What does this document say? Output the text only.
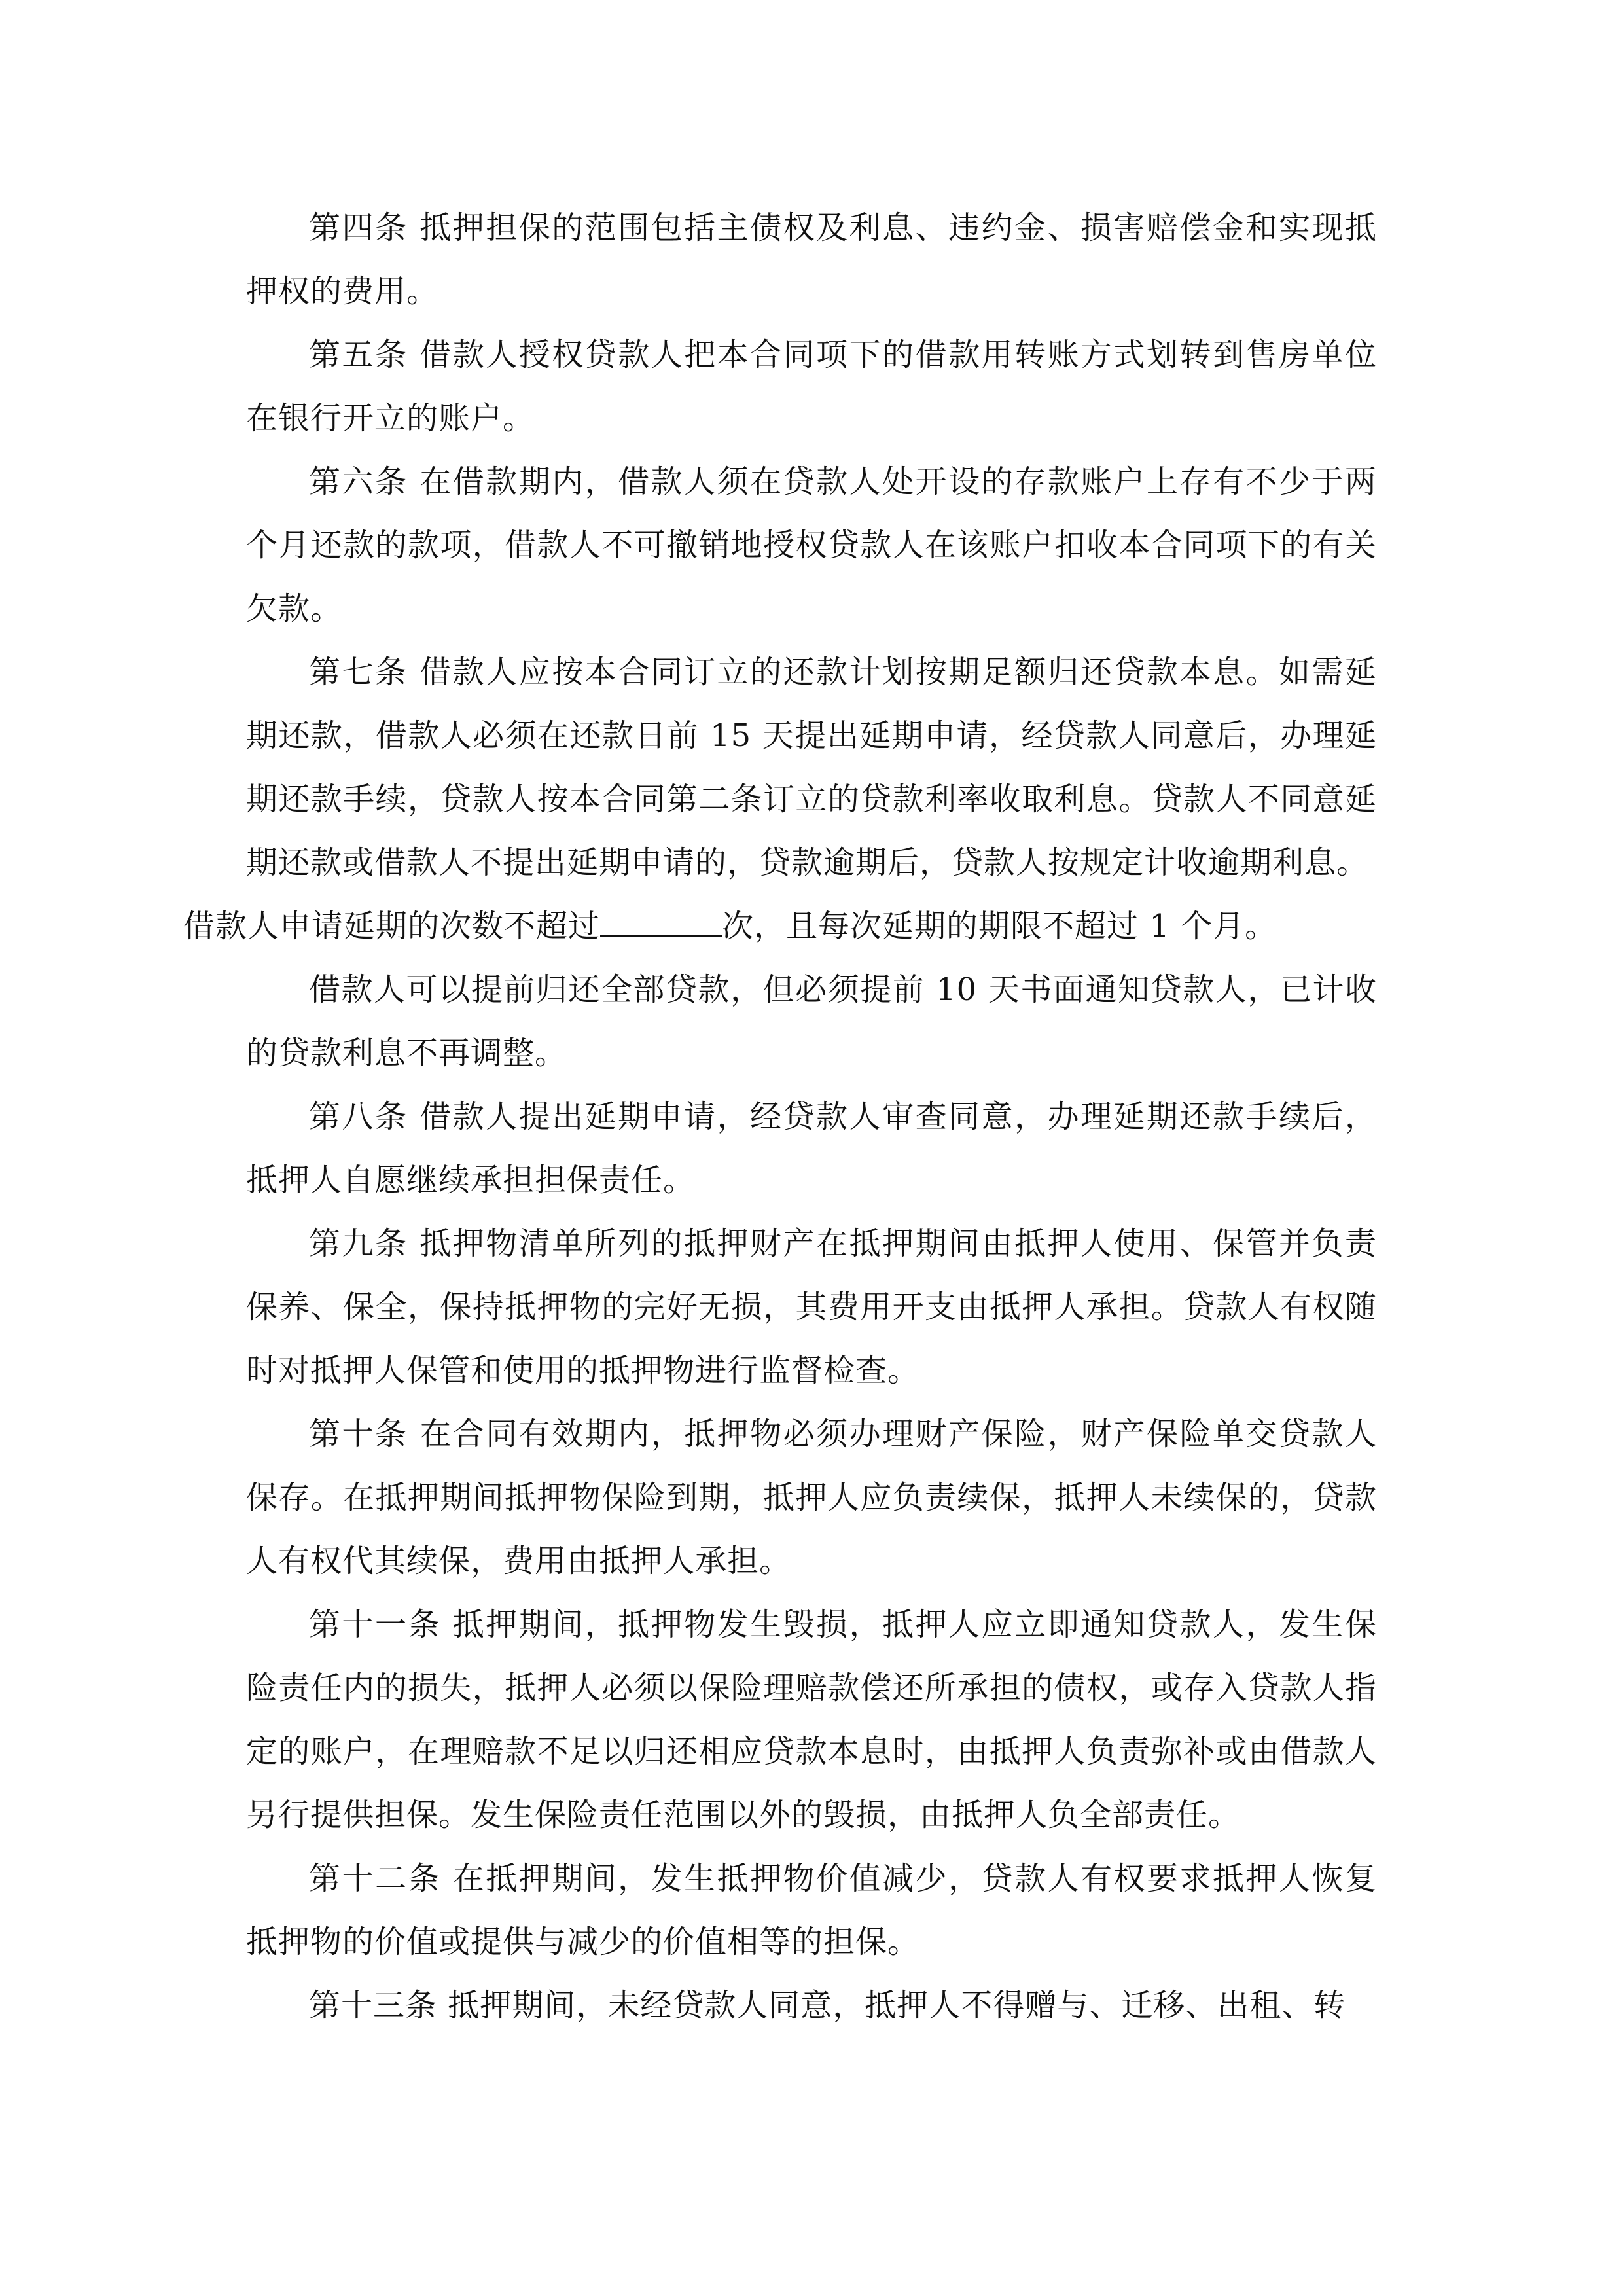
第四条 抵押担保的范围包括主债权及利息、违约金、损害赔偿金和实现抵押权的费用。

第五条 借款人授权贷款人把本合同项下的借款用转账方式划转到售房单位在银行开立的账户。

第六条 在借款期内，借款人须在贷款人处开设的存款账户上存有不少于两个月还款的款项，借款人不可撤销地授权贷款人在该账户扣收本合同项下的有关欠款。

第七条 借款人应按本合同订立的还款计划按期足额归还贷款本息。如需延期还款，借款人必须在还款日前 15 天提出延期申请，经贷款人同意后，办理延期还款手续，贷款人按本合同第二条订立的贷款利率收取利息。贷款人不同意延期还款或借款人不提出延期申请的，贷款逾期后，贷款人按规定计收逾期利息。
借款人申请延期的次数不超过	次，且每次延期的期限不超过 1 个月。

借款人可以提前归还全部贷款，但必须提前 10 天书面通知贷款人，已计收的贷款利息不再调整。

第八条 借款人提出延期申请，经贷款人审查同意，办理延期还款手续后，抵押人自愿继续承担担保责任。

第九条 抵押物清单所列的抵押财产在抵押期间由抵押人使用、保管并负责保养、保全，保持抵押物的完好无损，其费用开支由抵押人承担。贷款人有权随时对抵押人保管和使用的抵押物进行监督检查。

第十条 在合同有效期内，抵押物必须办理财产保险，财产保险单交贷款人保存。在抵押期间抵押物保险到期，抵押人应负责续保，抵押人未续保的，贷款人有权代其续保，费用由抵押人承担。

第十一条 抵押期间，抵押物发生毁损，抵押人应立即通知贷款人，发生保险责任内的损失，抵押人必须以保险理赔款偿还所承担的债权，或存入贷款人指定的账户，在理赔款不足以归还相应贷款本息时，由抵押人负责弥补或由借款人另行提供担保。发生保险责任范围以外的毁损，由抵押人负全部责任。

第十二条 在抵押期间，发生抵押物价值减少，贷款人有权要求抵押人恢复抵押物的价值或提供与减少的价值相等的担保。

第十三条 抵押期间，未经贷款人同意，抵押人不得赠与、迁移、出租、转
